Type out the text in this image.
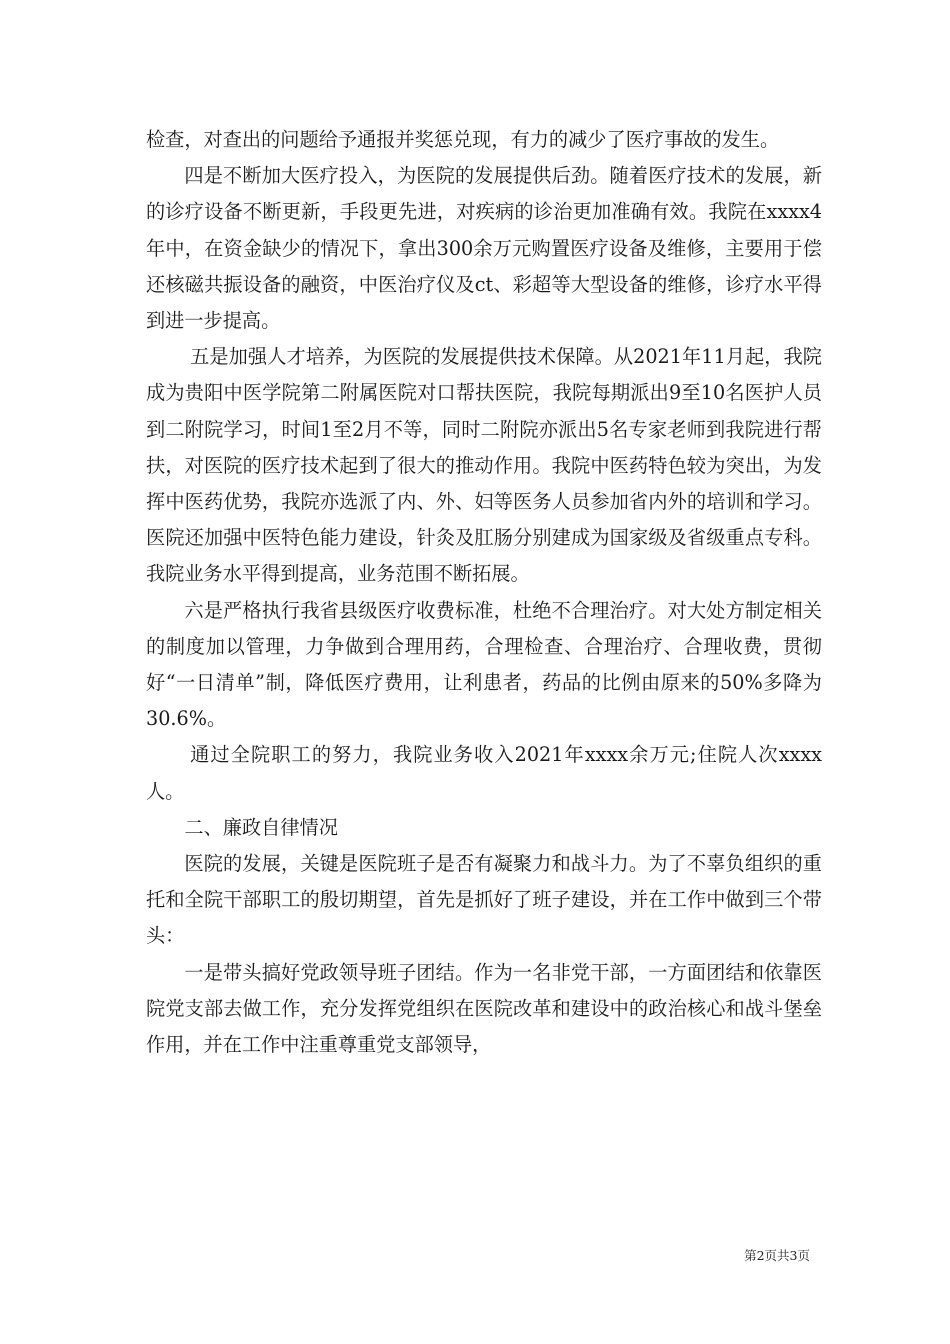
检查，对查出的问题给予通报并奖惩兑现，有力的减少了医疗事故的发生。

四是不断加大医疗投入，为医院的发展提供后劲。随着医疗技术的发展，新的诊疗设备不断更新，手段更先进，对疾病的诊治更加准确有效。我院在xxxx4年中，在资金缺少的情况下，拿出300余万元购置医疗设备及维修，主要用于偿还核磁共振设备的融资，中医治疗仪及ct、彩超等大型设备的维修，诊疗水平得到进一步提高。

五是加强人才培养，为医院的发展提供技术保障。从2021年11月起，我院成为贵阳中医学院第二附属医院对口帮扶医院，我院每期派出9至10名医护人员到二附院学习，时间1至2月不等，同时二附院亦派出5名专家老师到我院进行帮扶，对医院的医疗技术起到了很大的推动作用。我院中医药特色较为突出，为发挥中医药优势，我院亦选派了内、外、妇等医务人员参加省内外的培训和学习。医院还加强中医特色能力建设，针灸及肛肠分别建成为国家级及省级重点专科。我院业务水平得到提高，业务范围不断拓展。

六是严格执行我省县级医疗收费标准，杜绝不合理治疗。对大处方制定相关的制度加以管理，力争做到合理用药，合理检查、合理治疗、合理收费，贯彻好“一日清单”制，降低医疗费用，让利患者，药品的比例由原来的50%多降为30.6%。

通过全院职工的努力，我院业务收入2021年xxxx余万元;住院人次xxxx人。

二、廉政自律情况

医院的发展，关键是医院班子是否有凝聚力和战斗力。为了不辜负组织的重托和全院干部职工的殷切期望，首先是抓好了班子建设，并在工作中做到三个带头：

一是带头搞好党政领导班子团结。作为一名非党干部，一方面团结和依靠医院党支部去做工作，充分发挥党组织在医院改革和建设中的政治核心和战斗堡垒作用，并在工作中注重尊重党支部领导，

第2页共3页
